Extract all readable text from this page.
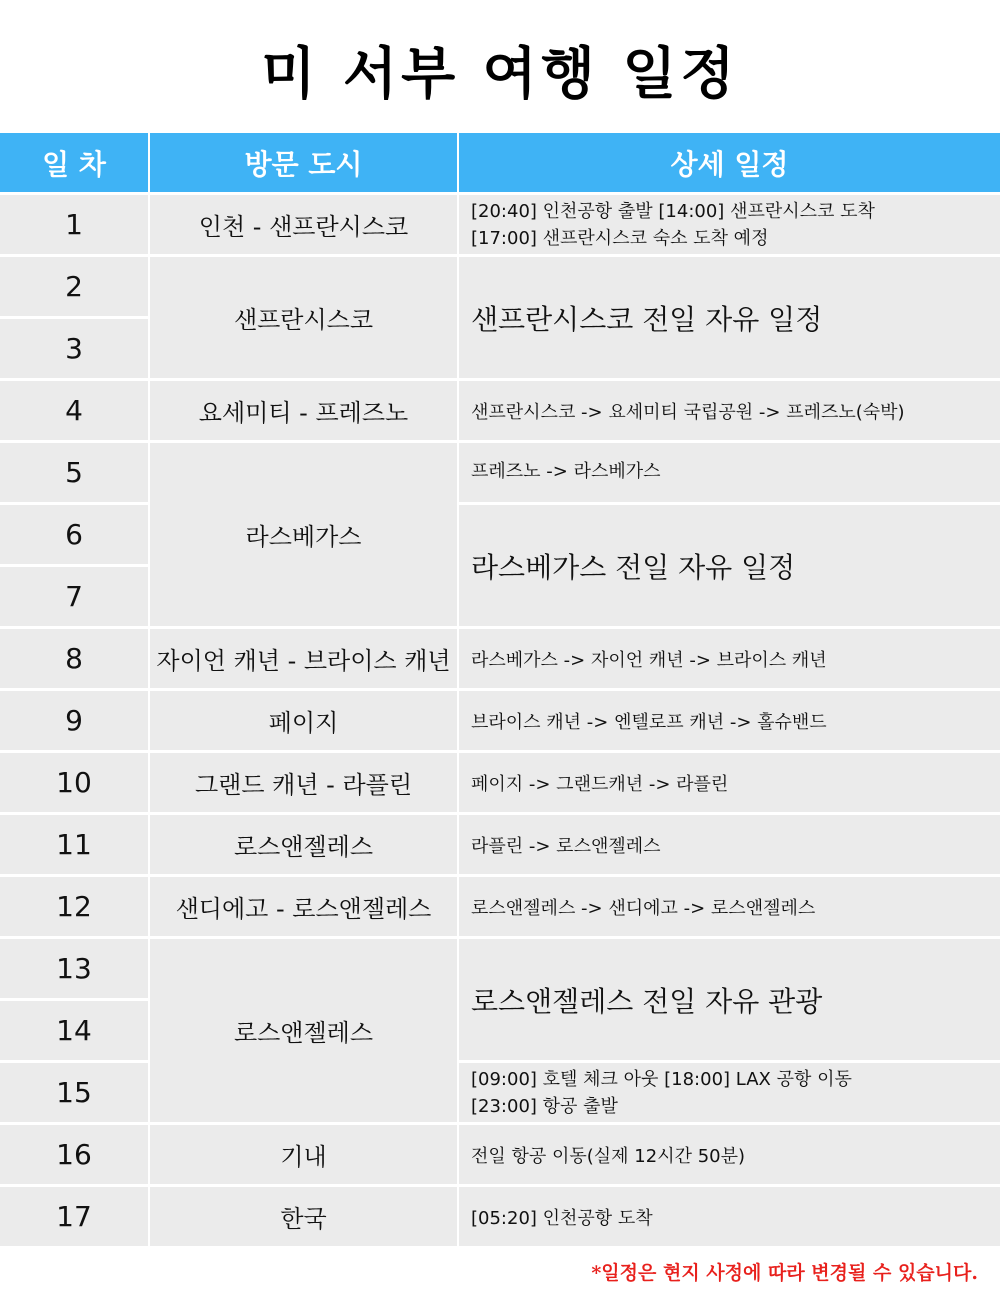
미 서부 여행 일정
일 차	방문 도시	상세 일정
1
2
3
4
5
6
7
8
9
10
11
12
13
14
15
16
17
인천 - 샌프란시스코
샌프란시스코
요세미티 - 프레즈노
라스베가스
자이언 캐년 - 브라이스 캐년
페이지
그랜드 캐년 - 라플린
로스앤젤레스
샌디에고 - 로스앤젤레스
로스앤젤레스
기내
한국
[20:40] 인천공항 출발 [14:00] 샌프란시스코 도착
[17:00] 샌프란시스코 숙소 도착 예정
샌프란시스코 전일 자유 일정
샌프란시스코 -> 요세미티 국립공원 -> 프레즈노(숙박)
프레즈노 -> 라스베가스
라스베가스 전일 자유 일정
라스베가스 -> 자이언 캐년 -> 브라이스 캐년
브라이스 캐년 -> 엔텔로프 캐년 -> 홀슈밴드
페이지 -> 그랜드캐년 -> 라플린
라플린 -> 로스앤젤레스
로스앤젤레스 -> 샌디에고 -> 로스앤젤레스
로스앤젤레스 전일 자유 관광
[09:00] 호텔 체크 아웃 [18:00] LAX 공항 이동
[23:00] 항공 출발
전일 항공 이동(실제 12시간 50분)
[05:20] 인천공항 도착
*일정은 현지 사정에 따라 변경될 수 있습니다.
